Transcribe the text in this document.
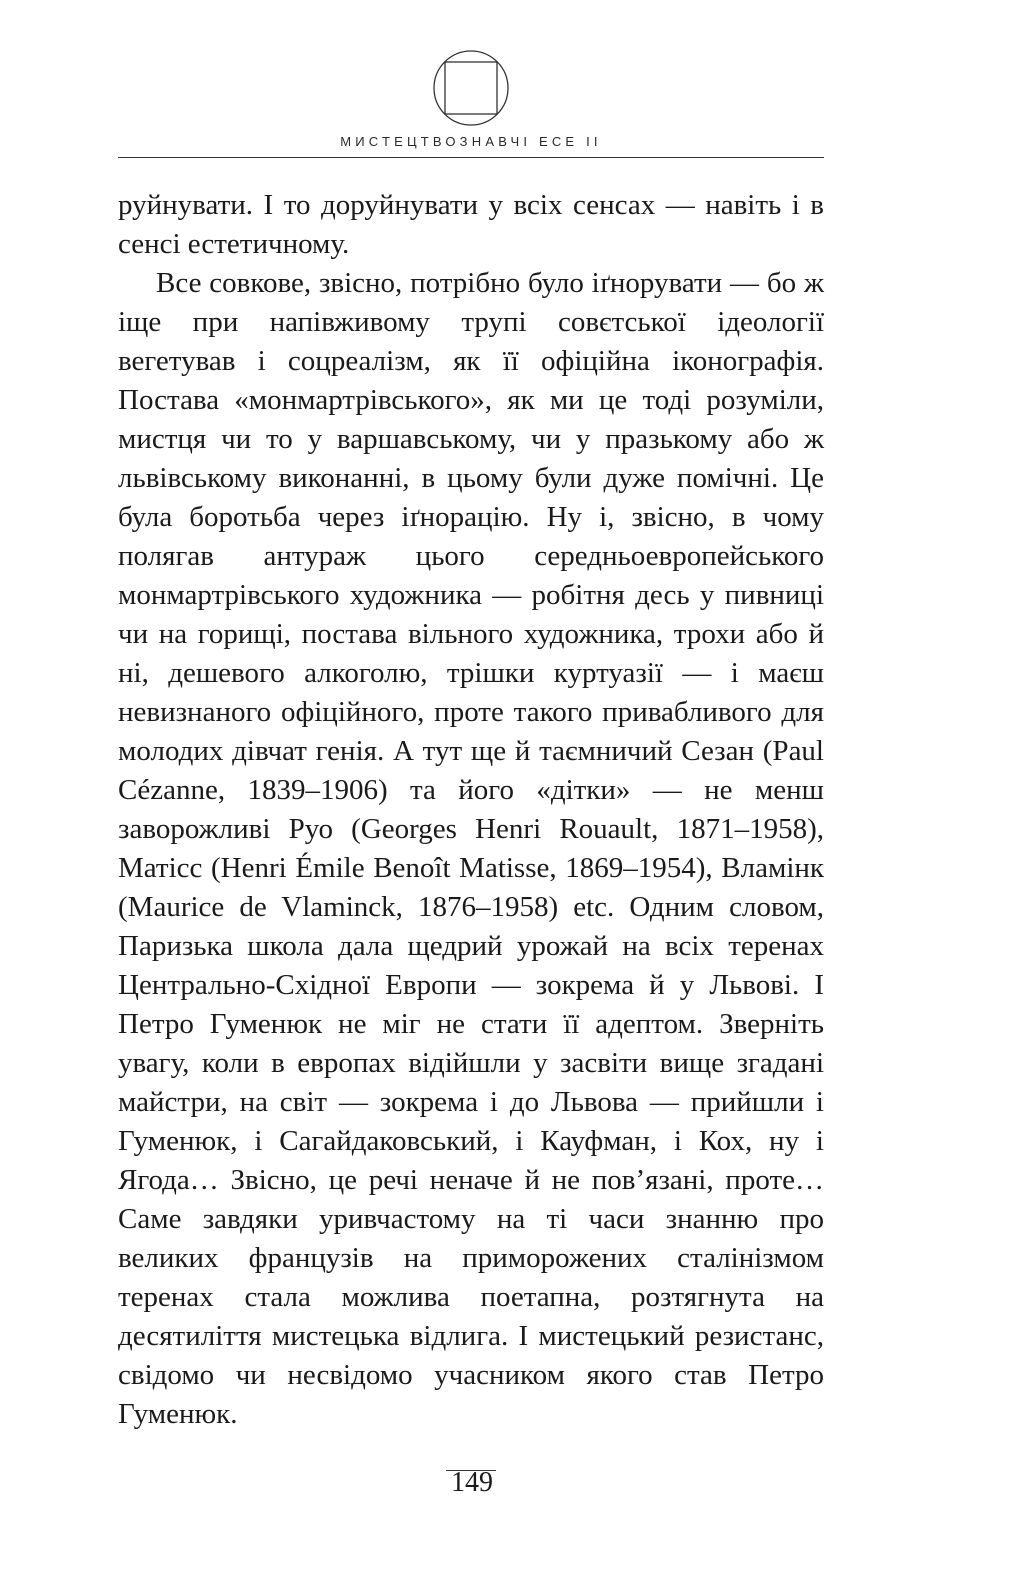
МИСТЕЦТВОЗНАВЧІ ЕСЕ II

руйнувати. І то доруйнувати у всіх сенсах — навіть і в сенсі естетичному.

Все совкове, звісно, потрібно було іґнорувати — бо ж іще при напівживому трупі совєтської ідеології вегетував і соцреалізм, як її офіційна іконографія. Постава «монмартрівського», як ми це тоді розуміли, мистця чи то у варшавському, чи у празькому або ж львівському виконанні, в цьому були дуже помічні. Це була боротьба через іґнорацію. Ну і, звісно, в чому полягав антураж цього середньоевропейського монмартрівського художника — робітня десь у пивниці чи на горищі, постава вільного художника, трохи або й ні, дешевого алкоголю, трішки куртуазії — і маєш невизнаного офіційного, проте такого привабливого для молодих дівчат генія. А тут ще й таємничий Сезан (Paul Cézanne, 1839–1906) та його «дітки» — не менш заворожливі Руо (Georges Henri Rouault, 1871–1958), Матісс (Henri Émile Benoît Matisse, 1869–1954), Вламінк (Maurice de Vlaminck, 1876–1958) etc. Одним словом, Паризька школа дала щедрий урожай на всіх теренах Центрально-Східної Европи — зокрема й у Львові. І Петро Гуменюк не міг не стати її адептом. Зверніть увагу, коли в европах відійшли у засвіти вище згадані майстри, на світ — зокрема і до Львова — прийшли і Гуменюк, і Сагайдаковський, і Кауфман, і Кох, ну і Ягода… Звісно, це речі неначе й не пов’язані, проте… Саме завдяки уривчастому на ті часи знанню про великих французів на приморожених сталінізмом теренах стала можлива поетапна, розтягнута на десятиліття мистецька відлига. І мистецький резистанс, свідомо чи несвідомо учасником якого став Петро Гуменюк.

149
